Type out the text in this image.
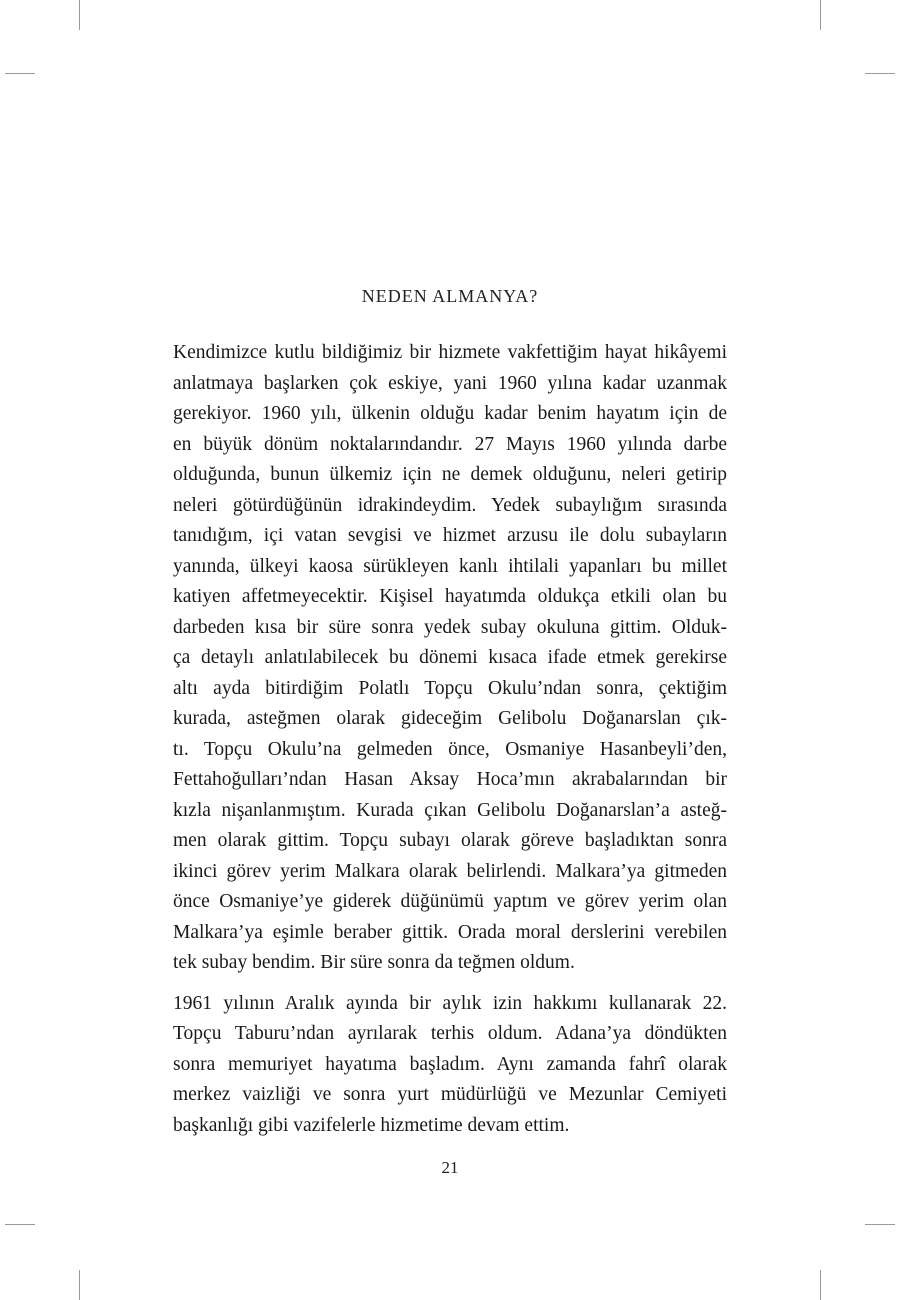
NEDEN ALMANYA?

Kendimizce kutlu bildiğimiz bir hizmete vakfettiğim hayat hikâyemi
anlatmaya başlarken çok eskiye, yani 1960 yılına kadar uzanmak
gerekiyor. 1960 yılı, ülkenin olduğu kadar benim hayatım için de
en büyük dönüm noktalarındandır. 27 Mayıs 1960 yılında darbe
olduğunda, bunun ülkemiz için ne demek olduğunu, neleri getirip
neleri götürdüğünün idrakindeydim. Yedek subaylığım sırasında
tanıdığım, içi vatan sevgisi ve hizmet arzusu ile dolu subayların
yanında, ülkeyi kaosa sürükleyen kanlı ihtilali yapanları bu millet
katiyen affetmeyecektir. Kişisel hayatımda oldukça etkili olan bu
darbeden kısa bir süre sonra yedek subay okuluna gittim. Olduk-
ça detaylı anlatılabilecek bu dönemi kısaca ifade etmek gerekirse
altı ayda bitirdiğim Polatlı Topçu Okulu’ndan sonra, çektiğim
kurada, asteğmen olarak gideceğim Gelibolu Doğanarslan çık-
tı. Topçu Okulu’na gelmeden önce, Osmaniye Hasanbeyli’den,
Fettahoğulları’ndan Hasan Aksay Hoca’mın akrabalarından bir
kızla nişanlanmıştım. Kurada çıkan Gelibolu Doğanarslan’a asteğ-
men olarak gittim. Topçu subayı olarak göreve başladıktan sonra
ikinci görev yerim Malkara olarak belirlendi. Malkara’ya gitmeden
önce Osmaniye’ye giderek düğünümü yaptım ve görev yerim olan
Malkara’ya eşimle beraber gittik. Orada moral derslerini verebilen
tek subay bendim. Bir süre sonra da teğmen oldum.

1961 yılının Aralık ayında bir aylık izin hakkımı kullanarak 22.
Topçu Taburu’ndan ayrılarak terhis oldum. Adana’ya döndükten
sonra memuriyet hayatıma başladım. Aynı zamanda fahrî olarak
merkez vaizliği ve sonra yurt müdürlüğü ve Mezunlar Cemiyeti
başkanlığı gibi vazifelerle hizmetime devam ettim.

21
